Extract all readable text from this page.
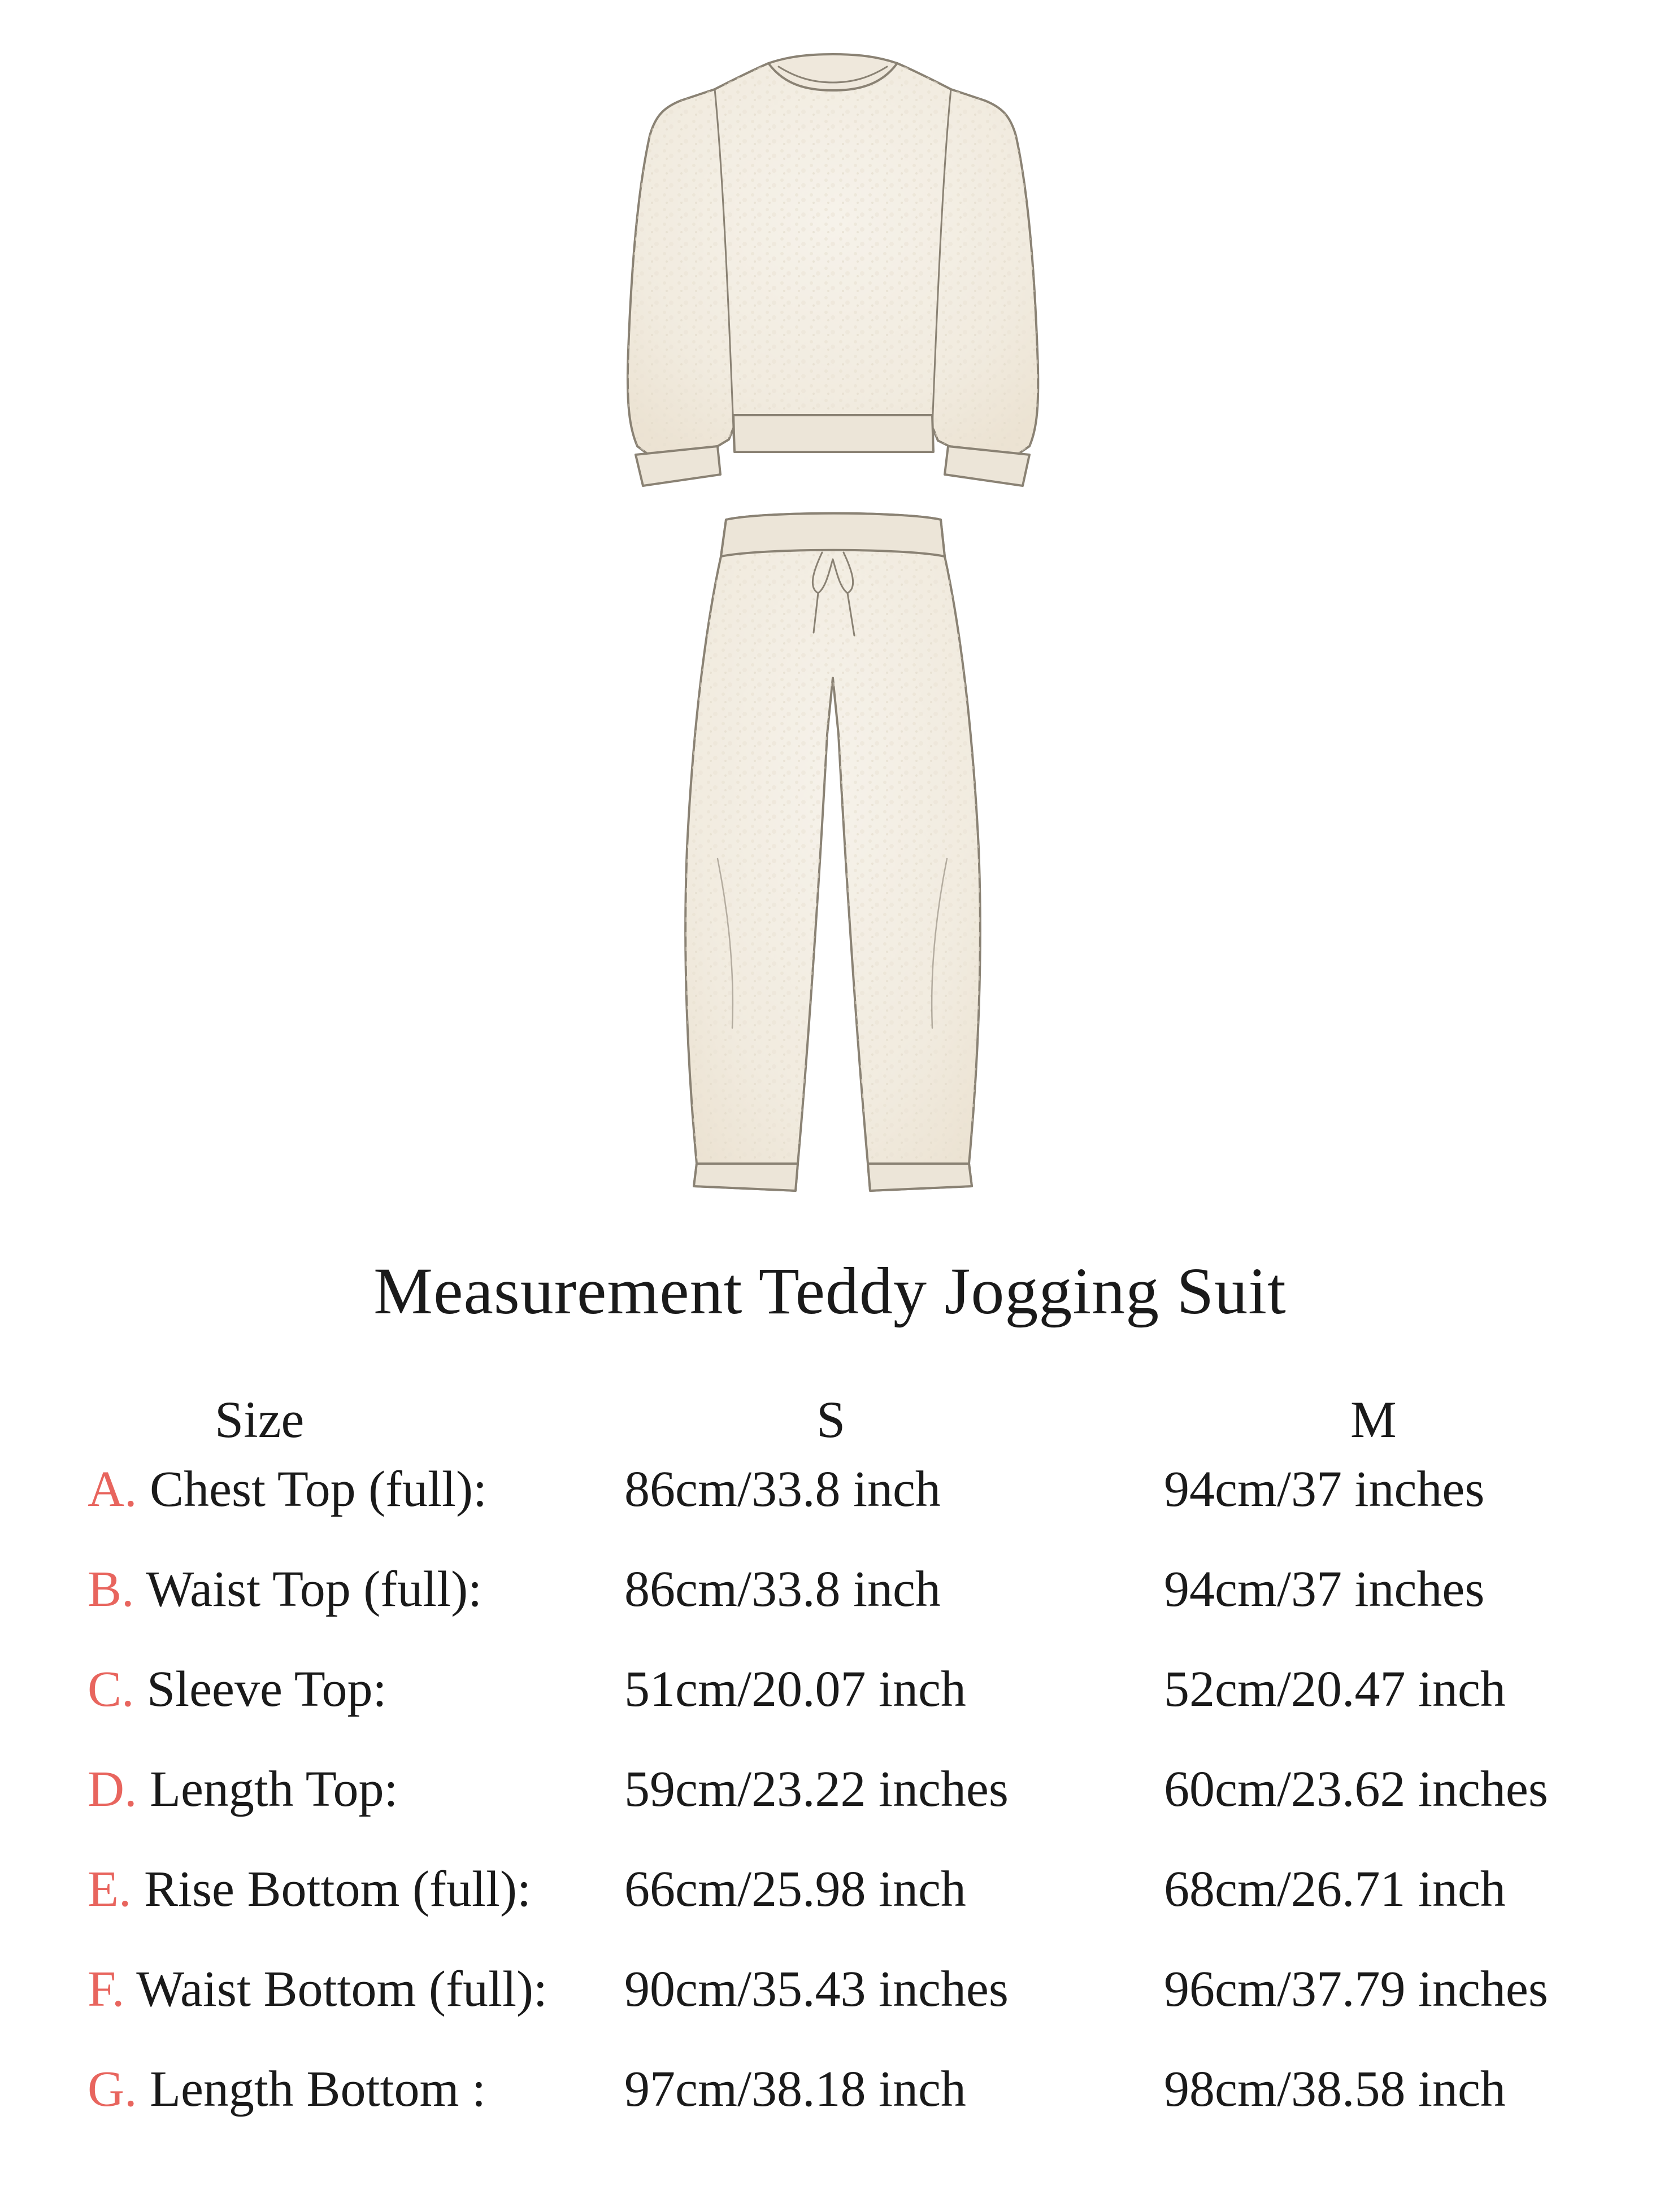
Measurement Teddy Jogging Suit
Size	S	M
A. Chest Top (full):	86cm/33.8 inch	94cm/37 inches
B. Waist Top (full):	86cm/33.8 inch	94cm/37 inches
C. Sleeve Top:	51cm/20.07 inch	52cm/20.47 inch
D. Length Top:	59cm/23.22 inches	60cm/23.62 inches
E. Rise Bottom (full): 66cm/25.98 inch	68cm/26.71 inch
F. Waist Bottom (full): 90cm/35.43 inches	96cm/37.79 inches
G. Length Bottom :	97cm/38.18 inch	98cm/38.58 inch
